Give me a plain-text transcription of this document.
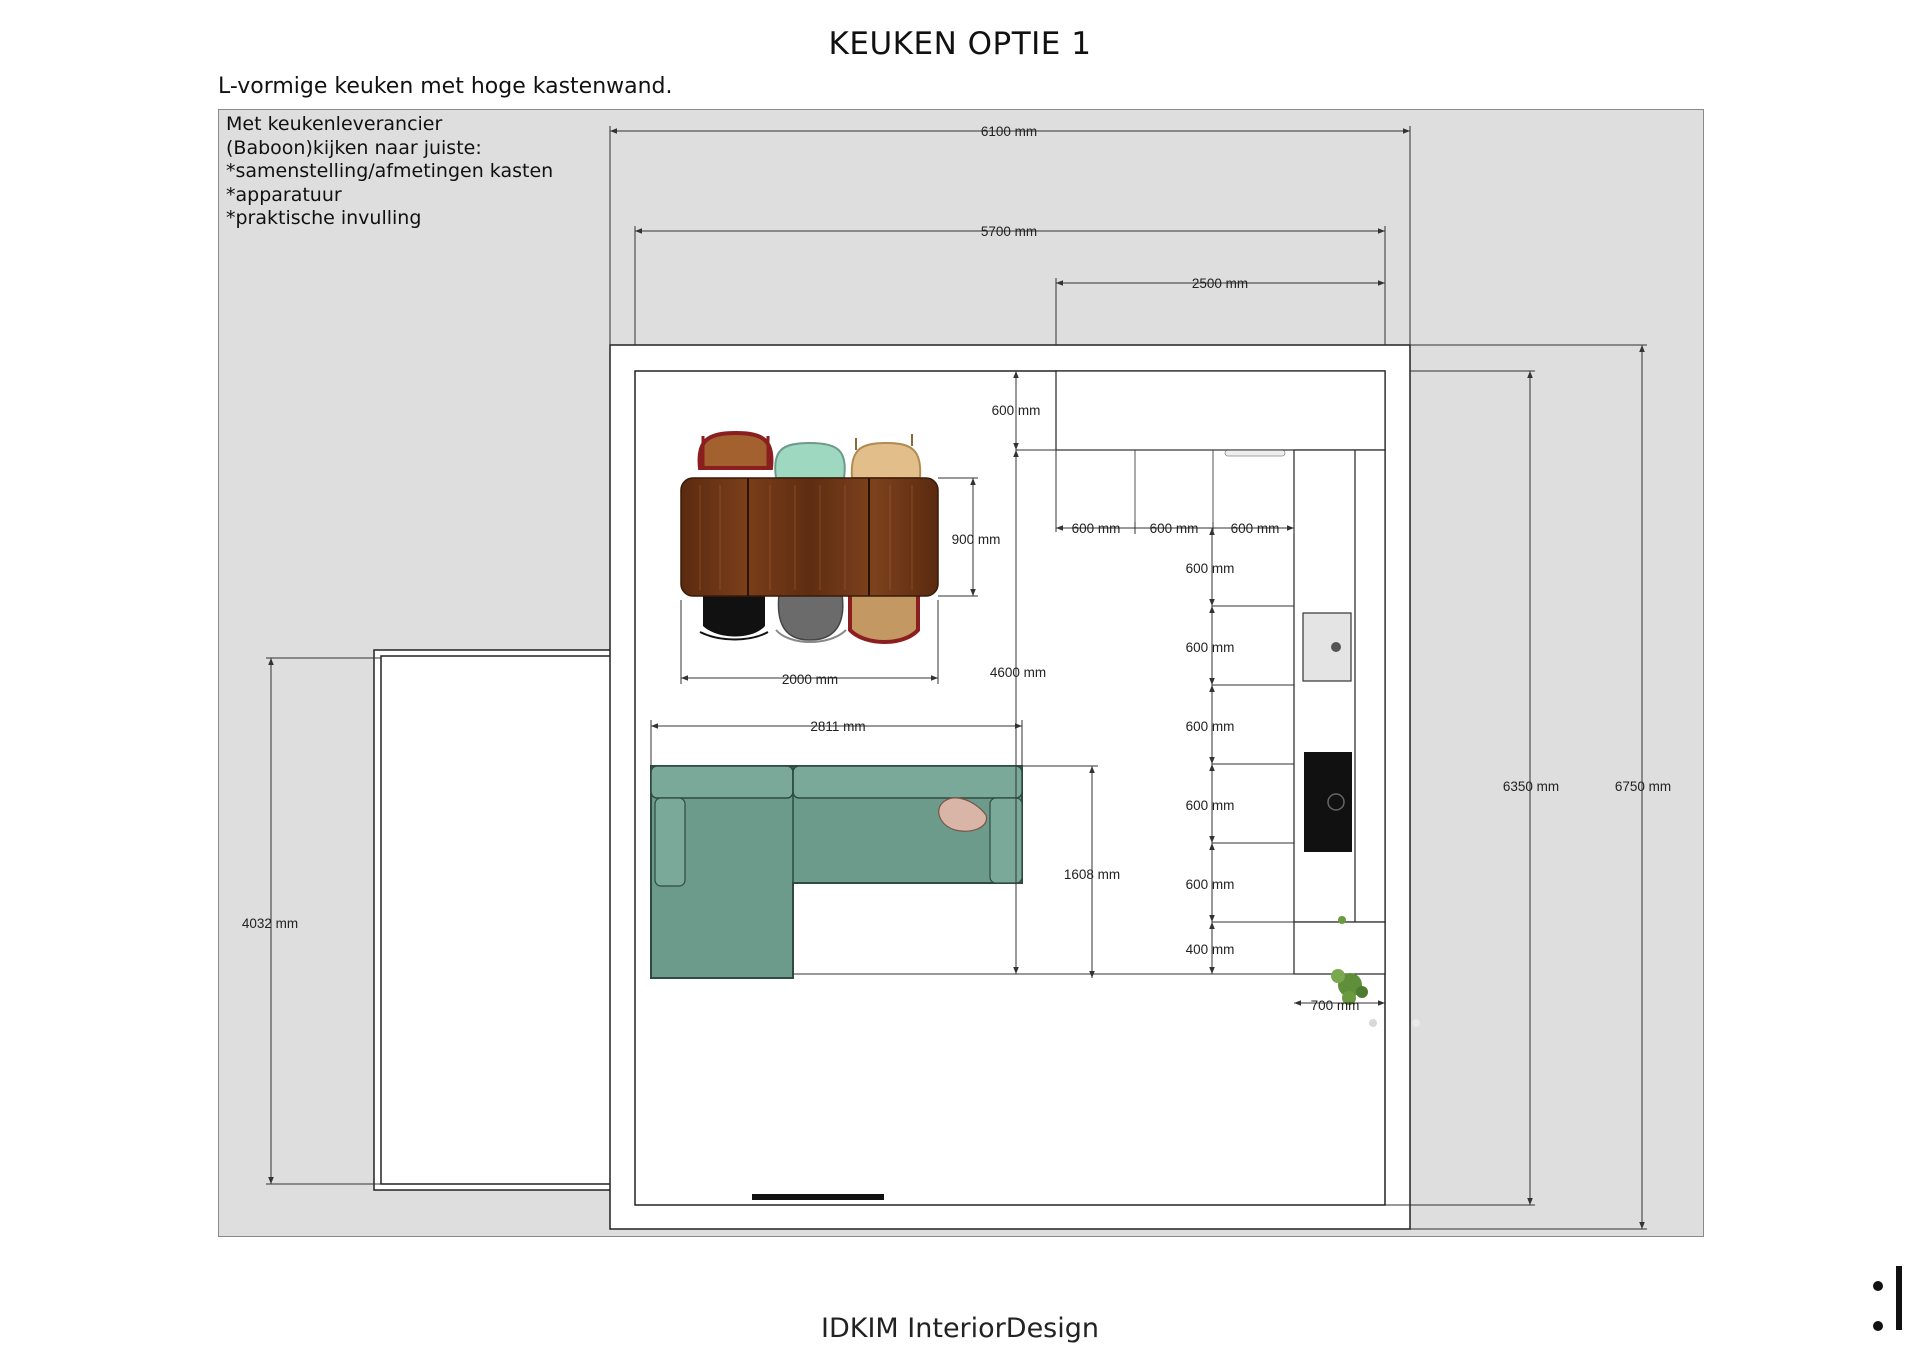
KEUKEN OPTIE 1
L-vormige keuken met hoge kastenwand.
Met keukenleverancier
(Baboon)kijken naar juiste:
*samenstelling/afmetingen kasten
*apparatuur
*praktische invulling
6100 mm
5700 mm
2500 mm
600 mm
900 mm
2000 mm	4600 mm
2811 mm
1608 mm
600 mm 600 mm 600 mm
600 mm
600 mm
600 mm
600 mm
600 mm
400 mm
700 mm
6350 mm	6750 mm
4032 mm
IDKIM InteriorDesign
